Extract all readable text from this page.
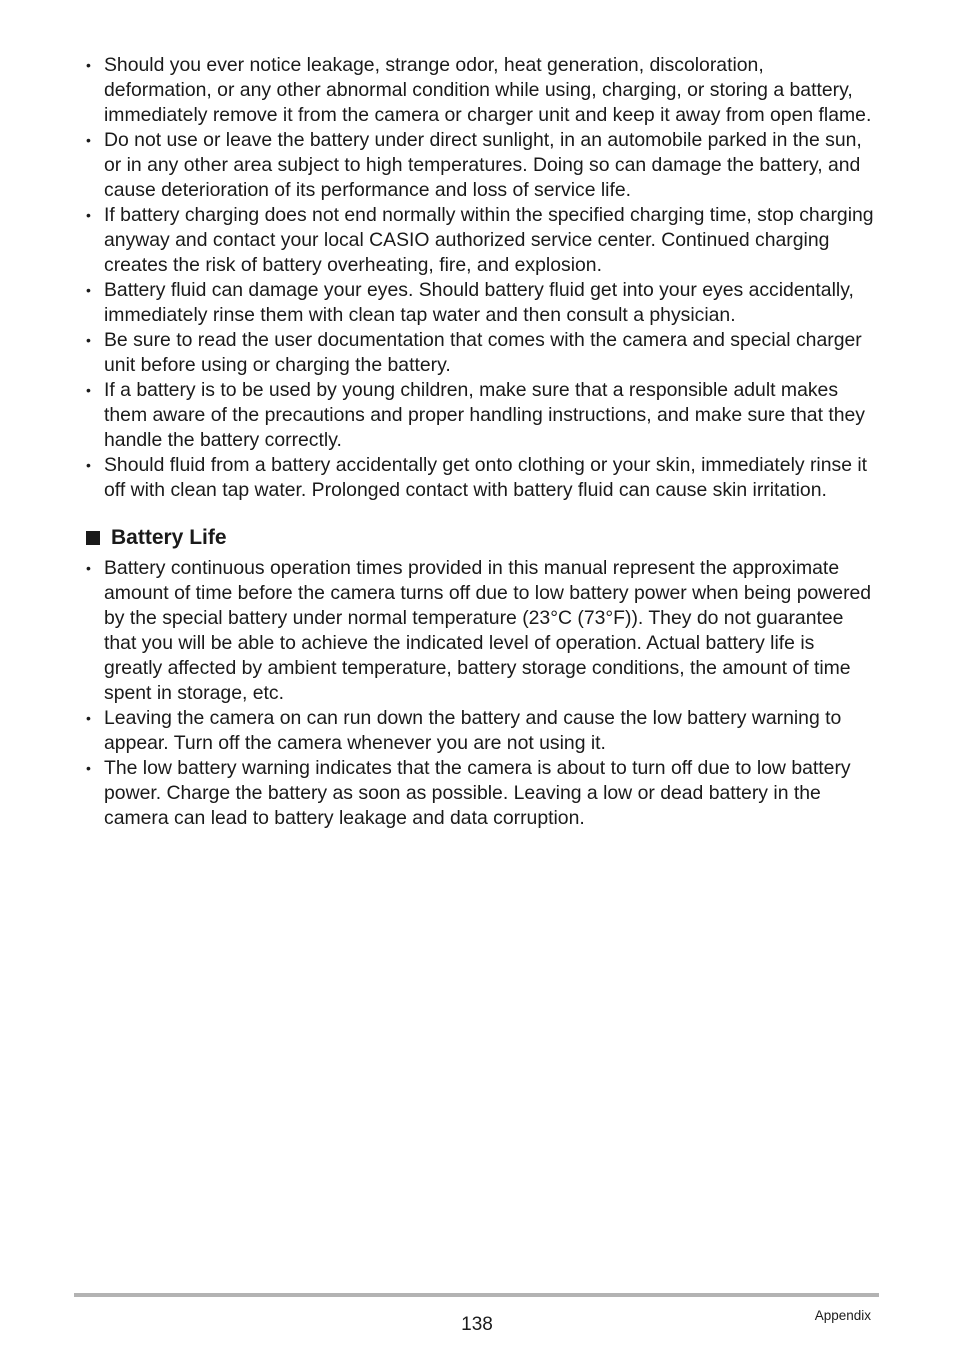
• Should you ever notice leakage, strange odor, heat generation, discoloration, deformation, or any other abnormal condition while using, charging, or storing a battery, immediately remove it from the camera or charger unit and keep it away from open flame.
• Do not use or leave the battery under direct sunlight, in an automobile parked in the sun, or in any other area subject to high temperatures. Doing so can damage the battery, and cause deterioration of its performance and loss of service life.
• If battery charging does not end normally within the specified charging time, stop charging anyway and contact your local CASIO authorized service center. Continued charging creates the risk of battery overheating, fire, and explosion.
• Battery fluid can damage your eyes. Should battery fluid get into your eyes accidentally, immediately rinse them with clean tap water and then consult a physician.
• Be sure to read the user documentation that comes with the camera and special charger unit before using or charging the battery.
• If a battery is to be used by young children, make sure that a responsible adult makes them aware of the precautions and proper handling instructions, and make sure that they handle the battery correctly.
• Should fluid from a battery accidentally get onto clothing or your skin, immediately rinse it off with clean tap water. Prolonged contact with battery fluid can cause skin irritation.
Battery Life
• Battery continuous operation times provided in this manual represent the approximate amount of time before the camera turns off due to low battery power when being powered by the special battery under normal temperature (23°C (73°F)). They do not guarantee that you will be able to achieve the indicated level of operation. Actual battery life is greatly affected by ambient temperature, battery storage conditions, the amount of time spent in storage, etc.
• Leaving the camera on can run down the battery and cause the low battery warning to appear. Turn off the camera whenever you are not using it.
• The low battery warning indicates that the camera is about to turn off due to low battery power. Charge the battery as soon as possible. Leaving a low or dead battery in the camera can lead to battery leakage and data corruption.
138	Appendix
